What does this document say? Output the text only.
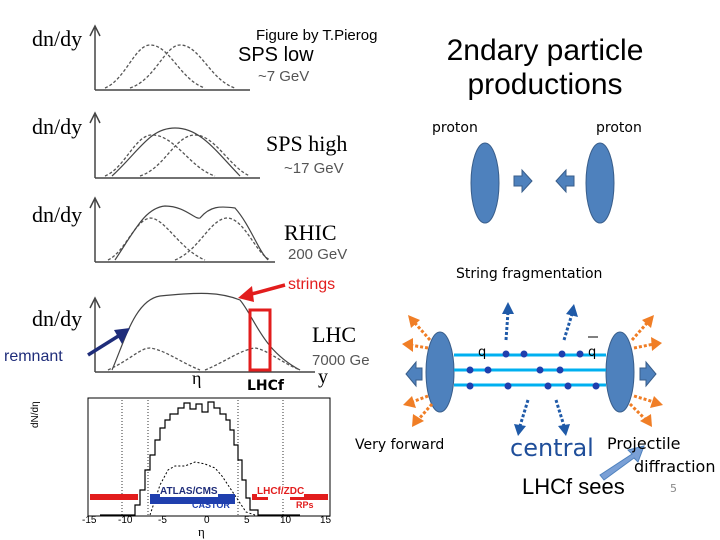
Figure by T.Pierog
dn/dy
SPS low
~7 GeV
dn/dy
SPS high
~17 GeV
dn/dy
RHIC
200 GeV
dn/dy
LHC
7000 Ge
strings
remnant
η	y
LHCf
dN/dη
ATLAS/CMS
CASTOR
LHCf/ZDC
RPs
-15 -10	-5	0	5	10	15
η
2ndary particle
productions
proton	proton
String fragmentation
q	q
Very forward	central Projectile
diffraction
LHCf sees	5
